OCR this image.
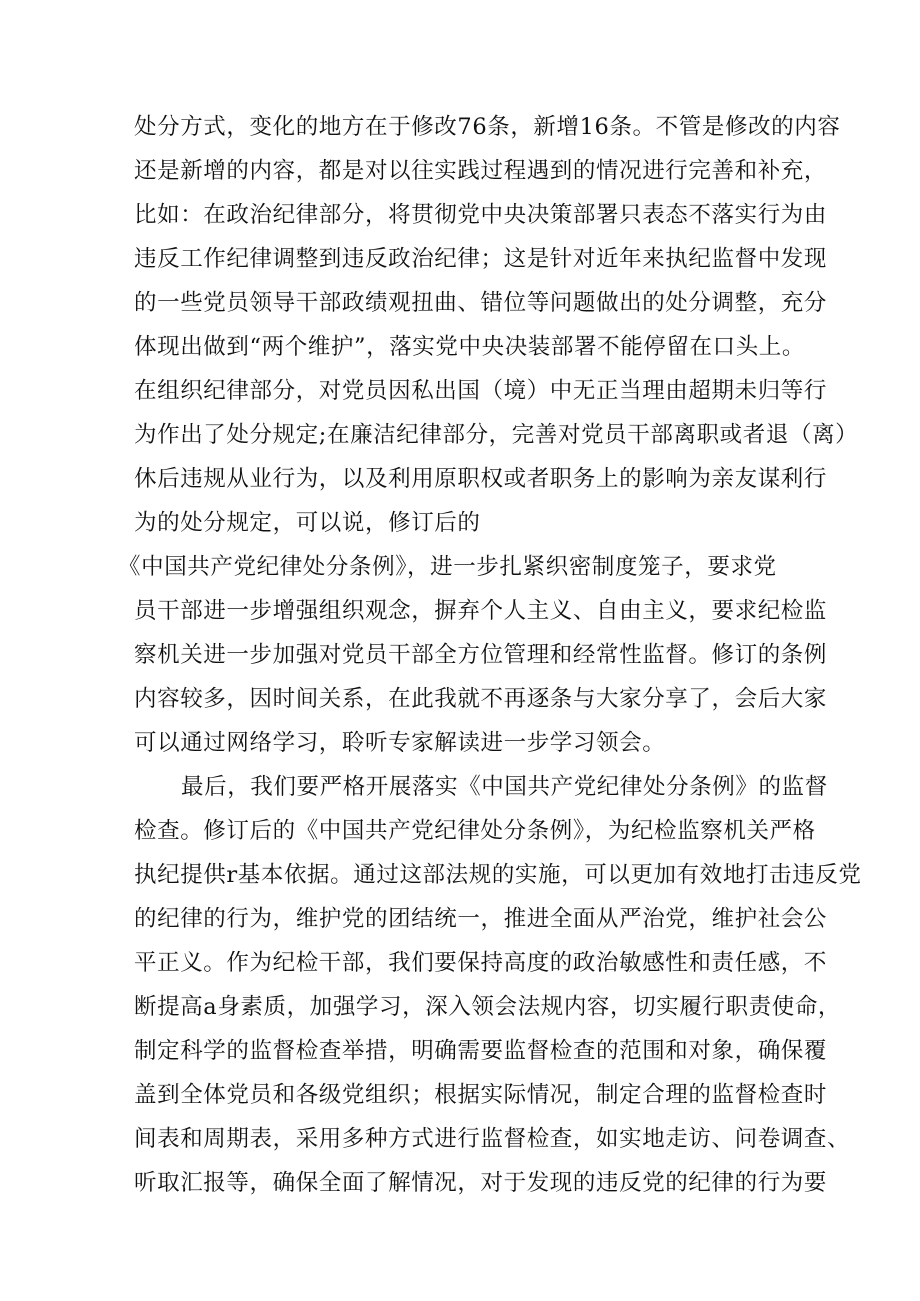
处分方式，变化的地方在于修改76条，新增16条。不管是修改的内容
还是新增的内容，都是对以往实践过程遇到的情况进行完善和补充，
比如：在政治纪律部分，将贯彻党中央决策部署只表态不落实行为由
违反工作纪律调整到违反政治纪律；这是针对近年来执纪监督中发现
的一些党员领导干部政绩观扭曲、错位等问题做出的处分调整，充分
体现出做到“两个维护”，落实党中央决装部署不能停留在口头上。
在组织纪律部分，对党员因私出国（境）中无正当理由超期未归等行
为作出了处分规定;在廉洁纪律部分，完善对党员干部离职或者退（离）
休后违规从业行为，以及利用原职权或者职务上的影响为亲友谋利行
为的处分规定，可以说，修订后的
《中国共产党纪律处分条例》，进一步扎紧织密制度笼子，要求党
员干部进一步增强组织观念，摒弃个人主义、自由主义，要求纪检监
察机关进一步加强对党员干部全方位管理和经常性监督。修订的条例
内容较多，因时间关系，在此我就不再逐条与大家分享了，会后大家
可以通过网络学习，聆听专家解读进一步学习领会。
最后，我们要严格开展落实《中国共产党纪律处分条例》的监督
检查。修订后的《中国共产党纪律处分条例》，为纪检监察机关严格
执纪提供r基本依据。通过这部法规的实施，可以更加有效地打击违反党
的纪律的行为，维护党的团结统一，推进全面从严治党，维护社会公
平正义。作为纪检干部，我们要保持高度的政治敏感性和责任感，不
断提高a身素质，加强学习，深入领会法规内容，切实履行职责使命，
制定科学的监督检查举措，明确需要监督检查的范围和对象，确保覆
盖到全体党员和各级党组织；根据实际情况，制定合理的监督检查时
间表和周期表，采用多种方式进行监督检查，如实地走访、问卷调查、
听取汇报等，确保全面了解情况，对于发现的违反党的纪律的行为要
